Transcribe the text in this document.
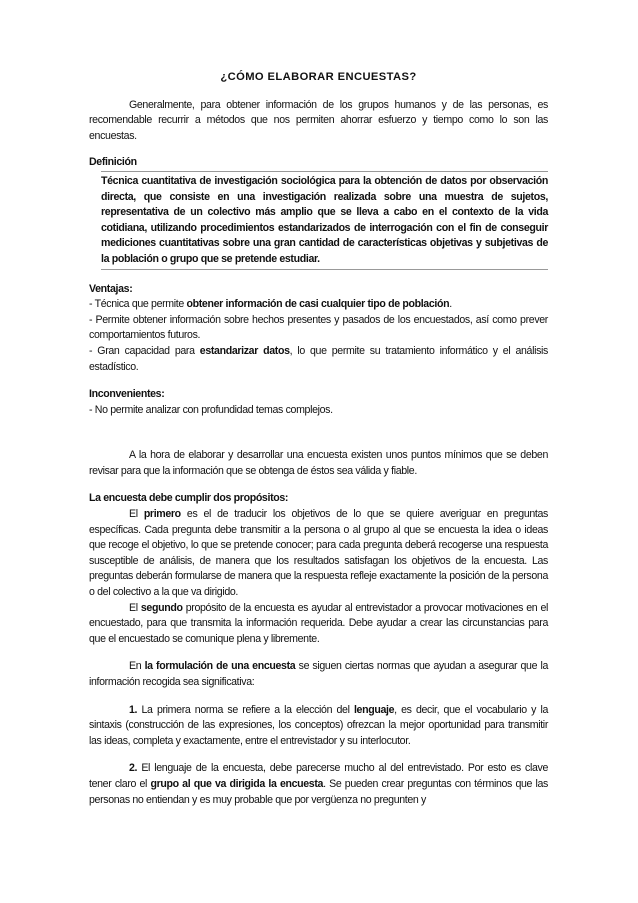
¿CÓMO ELABORAR ENCUESTAS?

Generalmente, para obtener información de los grupos humanos y de las personas, es recomendable recurrir a métodos que nos permiten ahorrar esfuerzo y tiempo como lo son las encuestas.

Definición
Técnica cuantitativa de investigación sociológica para la obtención de datos por observación directa, que consiste en una investigación realizada sobre una muestra de sujetos, representativa de un colectivo más amplio que se lleva a cabo en el contexto de la vida cotidiana, utilizando procedimientos estandarizados de interrogación con el fin de conseguir mediciones cuantitativas sobre una gran cantidad de características objetivas y subjetivas de la población o grupo que se pretende estudiar.
Ventajas:

- Técnica que permite obtener información de casi cualquier tipo de población.

- Permite obtener información sobre hechos presentes y pasados de los encuestados, así como prever comportamientos futuros.

- Gran capacidad para estandarizar datos, lo que permite su tratamiento informático y el análisis estadístico.

Inconvenientes:

- No permite analizar con profundidad temas complejos.

A la hora de elaborar y desarrollar una encuesta existen unos puntos mínimos que se deben revisar para que la información que se obtenga de éstos sea válida y fiable.

La encuesta debe cumplir dos propósitos:

El primero es el de traducir los objetivos de lo que se quiere averiguar en preguntas específicas. Cada pregunta debe transmitir a la persona o al grupo al que se encuesta la idea o ideas que recoge el objetivo, lo que se pretende conocer; para cada pregunta deberá recogerse una respuesta susceptible de análisis, de manera que los resultados satisfagan los objetivos de la encuesta. Las preguntas deberán formularse de manera que la respuesta refleje exactamente la posición de la persona o del colectivo a la que va dirigido.

El segundo propósito de la encuesta es ayudar al entrevistador a provocar motivaciones en el encuestado, para que transmita la información requerida. Debe ayudar a crear las circunstancias para que el encuestado se comunique plena y libremente.

En la formulación de una encuesta se siguen ciertas normas que ayudan a asegurar que la información recogida sea significativa:

1. La primera norma se refiere a la elección del lenguaje, es decir, que el vocabulario y la sintaxis (construcción de las expresiones, los conceptos) ofrezcan la mejor oportunidad para transmitir las ideas, completa y exactamente, entre el entrevistador y su interlocutor.

2. El lenguaje de la encuesta, debe parecerse mucho al del entrevistado. Por esto es clave tener claro el grupo al que va dirigida la encuesta. Se pueden crear preguntas con términos que las personas no entiendan y es muy probable que por vergüenza no pregunten y
